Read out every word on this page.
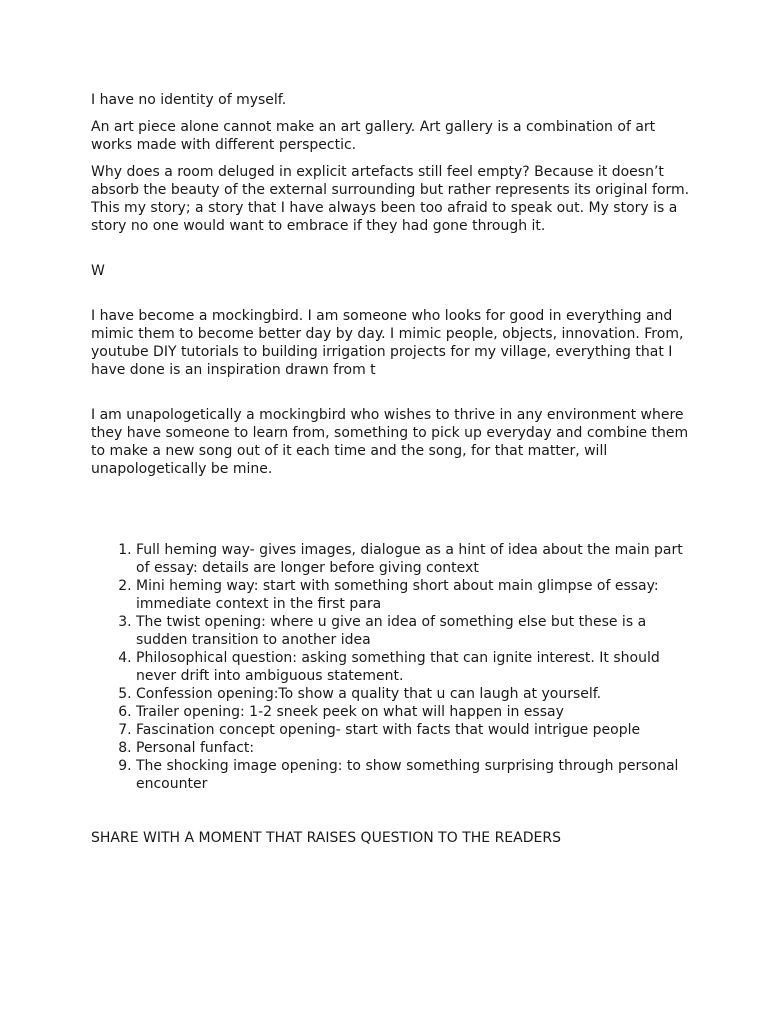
I have no identity of myself.

An art piece alone cannot make an art gallery. Art gallery is a combination of art works made with different perspectic.

Why does a room deluged in explicit artefacts still feel empty? Because it doesn’t absorb the beauty of the external surrounding but rather represents its original form. This my story; a story that I have always been too afraid to speak out. My story is a story no one would want to embrace if they had gone through it.

W

I have become a mockingbird. I am someone who looks for good in everything and mimic them to become better day by day. I mimic people, objects, innovation. From, youtube DIY tutorials to building irrigation projects for my village, everything that I have done is an inspiration drawn from t

I am unapologetically a mockingbird who wishes to thrive in any environment where they have someone to learn from, something to pick up everyday and combine them to make a new song out of it each time and the song, for that matter, will unapologetically be mine.

1. Full heming way- gives images, dialogue as a hint of idea about the main part of essay: details are longer before giving context
2. Mini heming way: start with something short about main glimpse of essay: immediate context in the first para
3. The twist opening: where u give an idea of something else but these is a sudden transition to another idea
4. Philosophical question: asking something that can ignite interest. It should never drift into ambiguous statement.
5. Confession opening:To show a quality that u can laugh at yourself.
6. Trailer opening: 1-2 sneek peek on what will happen in essay
7. Fascination concept opening- start with facts that would intrigue people
8. Personal funfact:
9. The shocking image opening: to show something surprising through personal encounter

SHARE WITH A MOMENT THAT RAISES QUESTION TO THE READERS
